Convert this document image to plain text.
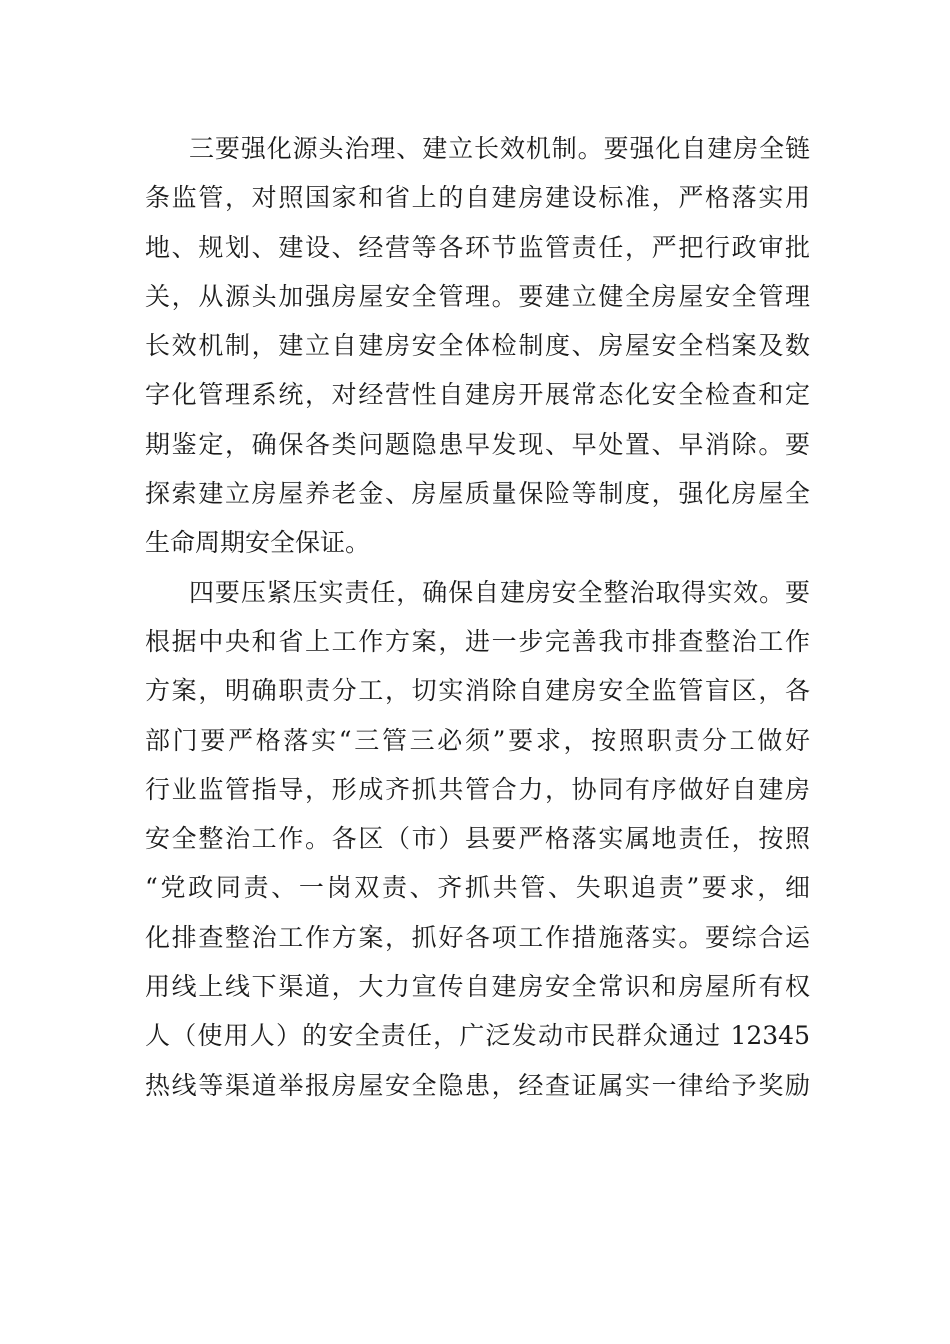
三要强化源头治理、建立长效机制。要强化自建房全链
条监管，对照国家和省上的自建房建设标准，严格落实用
地、规划、建设、经营等各环节监管责任，严把行政审批
关，从源头加强房屋安全管理。要建立健全房屋安全管理
长效机制，建立自建房安全体检制度、房屋安全档案及数
字化管理系统，对经营性自建房开展常态化安全检查和定
期鉴定，确保各类问题隐患早发现、早处置、早消除。要
探索建立房屋养老金、房屋质量保险等制度，强化房屋全
生命周期安全保证。
四要压紧压实责任，确保自建房安全整治取得实效。要
根据中央和省上工作方案，进一步完善我市排查整治工作
方案，明确职责分工，切实消除自建房安全监管盲区，各
部门要严格落实“三管三必须”要求，按照职责分工做好
行业监管指导，形成齐抓共管合力，协同有序做好自建房
安全整治工作。各区（市）县要严格落实属地责任，按照
“党政同责、一岗双责、齐抓共管、失职追责”要求，细
化排查整治工作方案，抓好各项工作措施落实。要综合运
用线上线下渠道，大力宣传自建房安全常识和房屋所有权
人（使用人）的安全责任，广泛发动市民群众通过 12345
热线等渠道举报房屋安全隐患，经查证属实一律给予奖励
